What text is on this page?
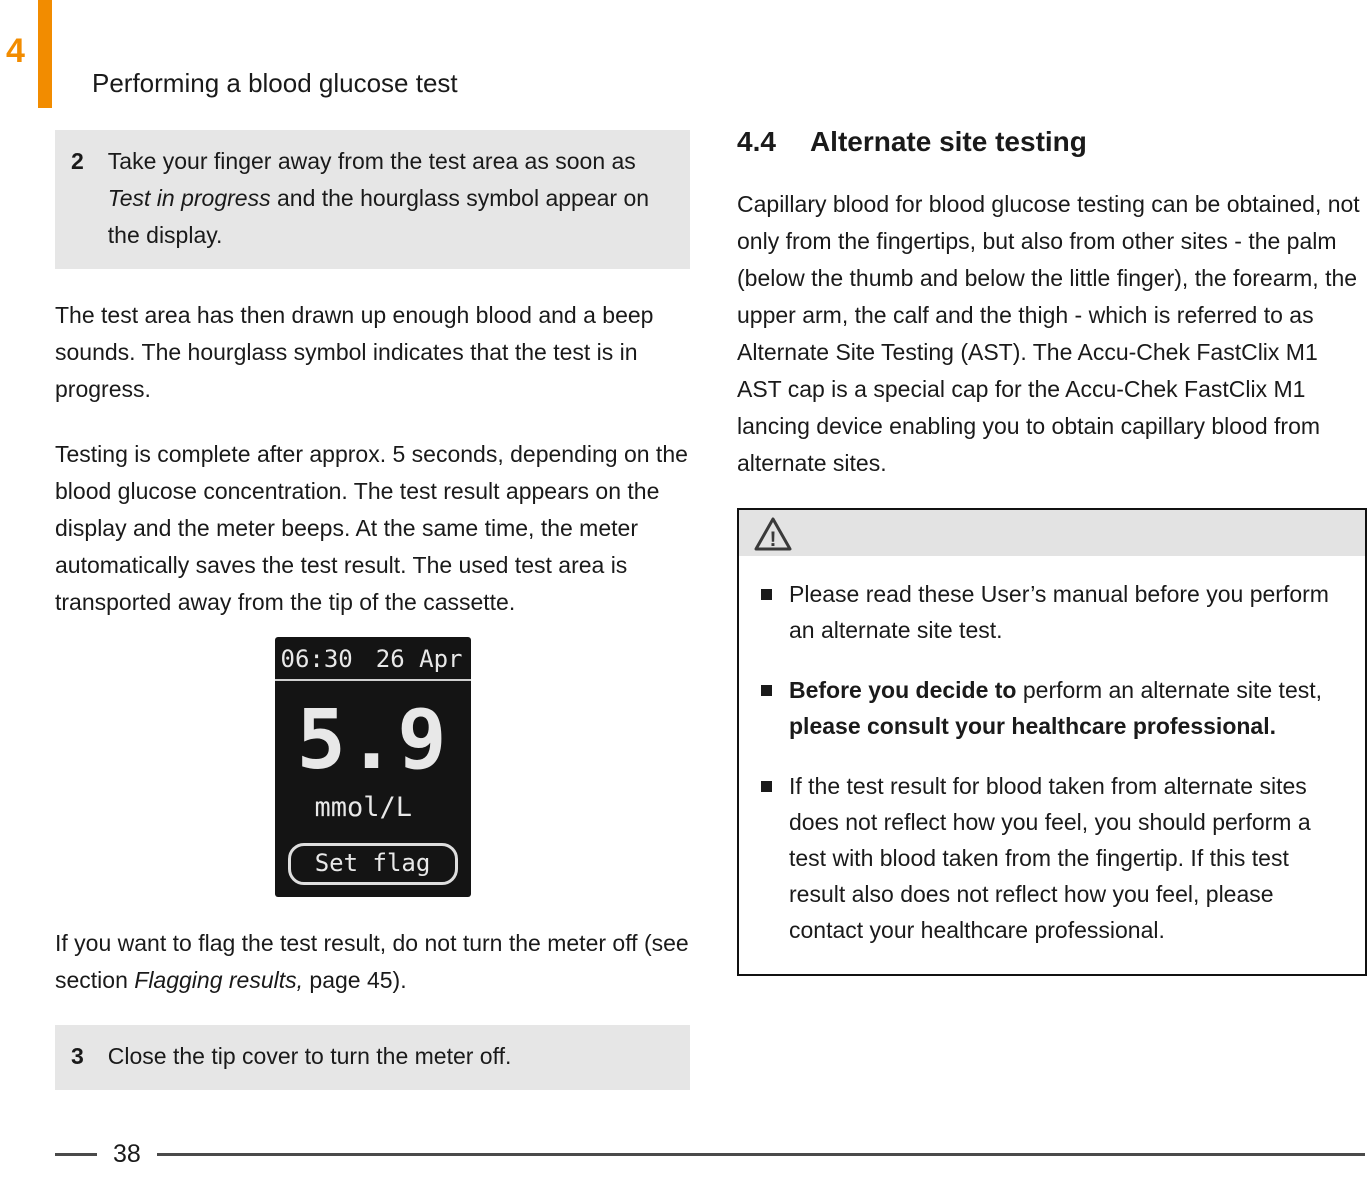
4
Performing a blood glucose test
2 Take your finger away from the test area as soon as Test in progress and the hourglass symbol appear on the display.

The test area has then drawn up enough blood and a beep sounds. The hourglass symbol indicates that the test is in progress.

Testing is complete after approx. 5 seconds, depending on the blood glucose concentration. The test result appears on the display and the meter beeps. At the same time, the meter automatically saves the test result. The used test area is transported away from the tip of the cassette.

06:30 26 Apr
5.9
mmol/L
Set flag

If you want to flag the test result, do not turn the meter off (see section Flagging results, page 45).

3 Close the tip cover to turn the meter off.
4.4 Alternate site testing

Capillary blood for blood glucose testing can be obtained, not only from the fingertips, but also from other sites - the palm (below the thumb and below the little finger), the forearm, the upper arm, the calf and the thigh - which is referred to as Alternate Site Testing (AST). The Accu-Chek FastClix M1 AST cap is a special cap for the Accu-Chek FastClix M1 lancing device enabling you to obtain capillary blood from alternate sites.

!
Please read these User’s manual before you perform an alternate site test.
Before you decide to perform an alternate site test, please consult your healthcare professional.
If the test result for blood taken from alternate sites does not reflect how you feel, you should perform a test with blood taken from the fingertip. If this test result also does not reflect how you feel, please contact your healthcare professional.
38
